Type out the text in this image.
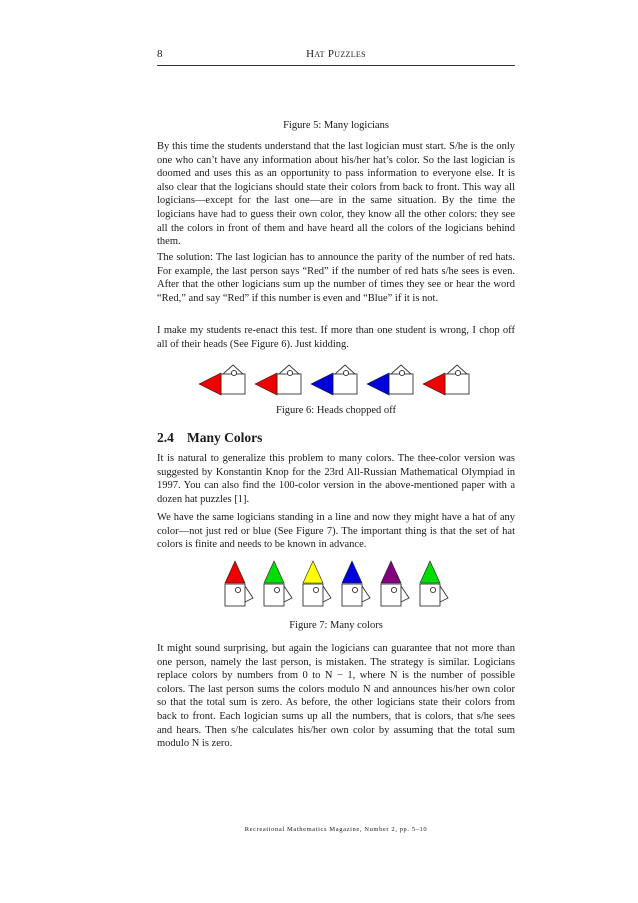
8	Hat Puzzles
Figure 5: Many logicians

By this time the students understand that the last logician must start. S/he is the only one who can’t have any information about his/her hat’s color. So the last logician is doomed and uses this as an opportunity to pass information to everyone else. It is also clear that the logicians should state their colors from back to front. This way all logicians—except for the last one—are in the same situation. By the time the logicians have had to guess their own color, they know all the other colors: they see all the colors in front of them and have heard all the colors of the logicians behind them.

The solution: The last logician has to announce the parity of the number of red hats. For example, the last person says “Red” if the number of red hats s/he sees is even. After that the other logicians sum up the number of times they see or hear the word “Red,” and say “Red” if this number is even and “Blue” if it is not.

I make my students re-enact this test. If more than one student is wrong, I chop off all of their heads (See Figure 6). Just kidding.

Figure 6: Heads chopped off
2.4 Many Colors

It is natural to generalize this problem to many colors. The thee-color version was suggested by Konstantin Knop for the 23rd All-Russian Mathematical Olympiad in 1997. You can also find the 100-color version in the above-mentioned paper with a dozen hat puzzles [1].

We have the same logicians standing in a line and now they might have a hat of any color—not just red or blue (See Figure 7). The important thing is that the set of hat colors is finite and needs to be known in advance.

Figure 7: Many colors

It might sound surprising, but again the logicians can guarantee that not more than one person, namely the last person, is mistaken. The strategy is similar. Logicians replace colors by numbers from 0 to N − 1, where N is the number of possible colors. The last person sums the colors modulo N and announces his/her own color so that the total sum is zero. As before, the other logicians state their colors from back to front. Each logician sums up all the numbers, that is colors, that s/he sees and hears. Then s/he calculates his/her own color by assuming that the total sum modulo N is zero.

Recreational Mathematics Magazine, Number 2, pp. 5–10
